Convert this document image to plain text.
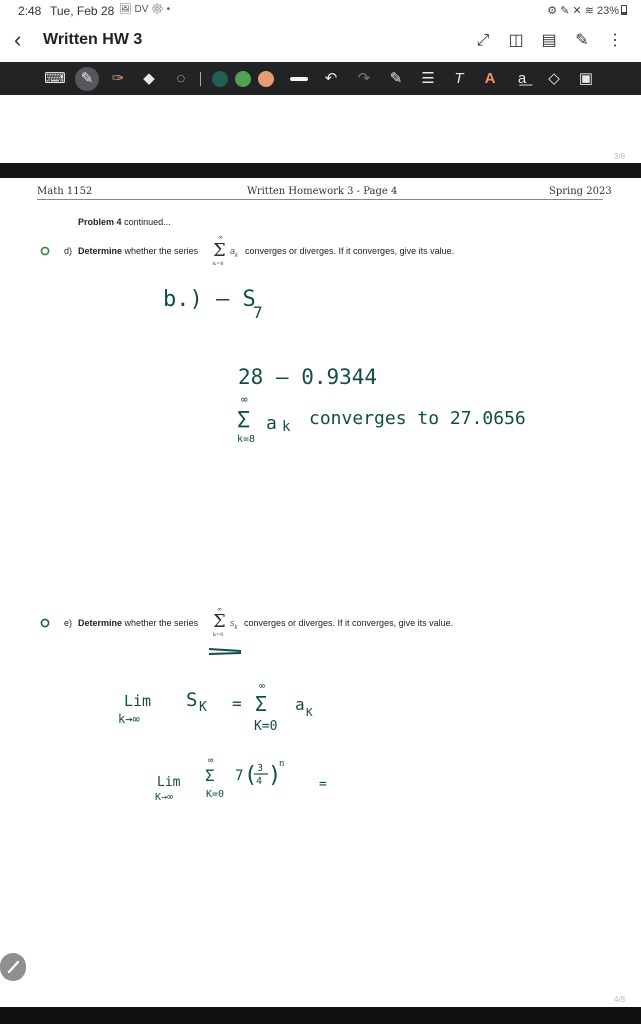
2:48 Tue, Feb 28 🖼 DV ⚙ •	⚙ ✎ ✕ ≋ 23%
‹ Written HW 3	⤢ ◫ ▤ ✎ ⋮
⌨ ✎	✑	◆	◌	↶	↷	✎	☰	T	A	a͟	◇	▣
3/8
Math 1152	Written Homework 3 - Page 4	Spring 2023
Problem 4 continued...
d) Determine whether the series
∞
Σ
k=8
$a_k$ converges or diverges. If it converges, give its value.
e) Determine whether the series
∞
Σ
k=0
$s_k$ converges or diverges. If it converges, give its value.
b.) – S
7
28 – 0.9344
∞
Σ
k=8
a k converges to 27.0656
Lim
k→∞
S K =
∞
Σ
K=0
a K
Lim
K→∞
∞
Σ
K=0
7 ( 3
4 )
n
=
4/8
